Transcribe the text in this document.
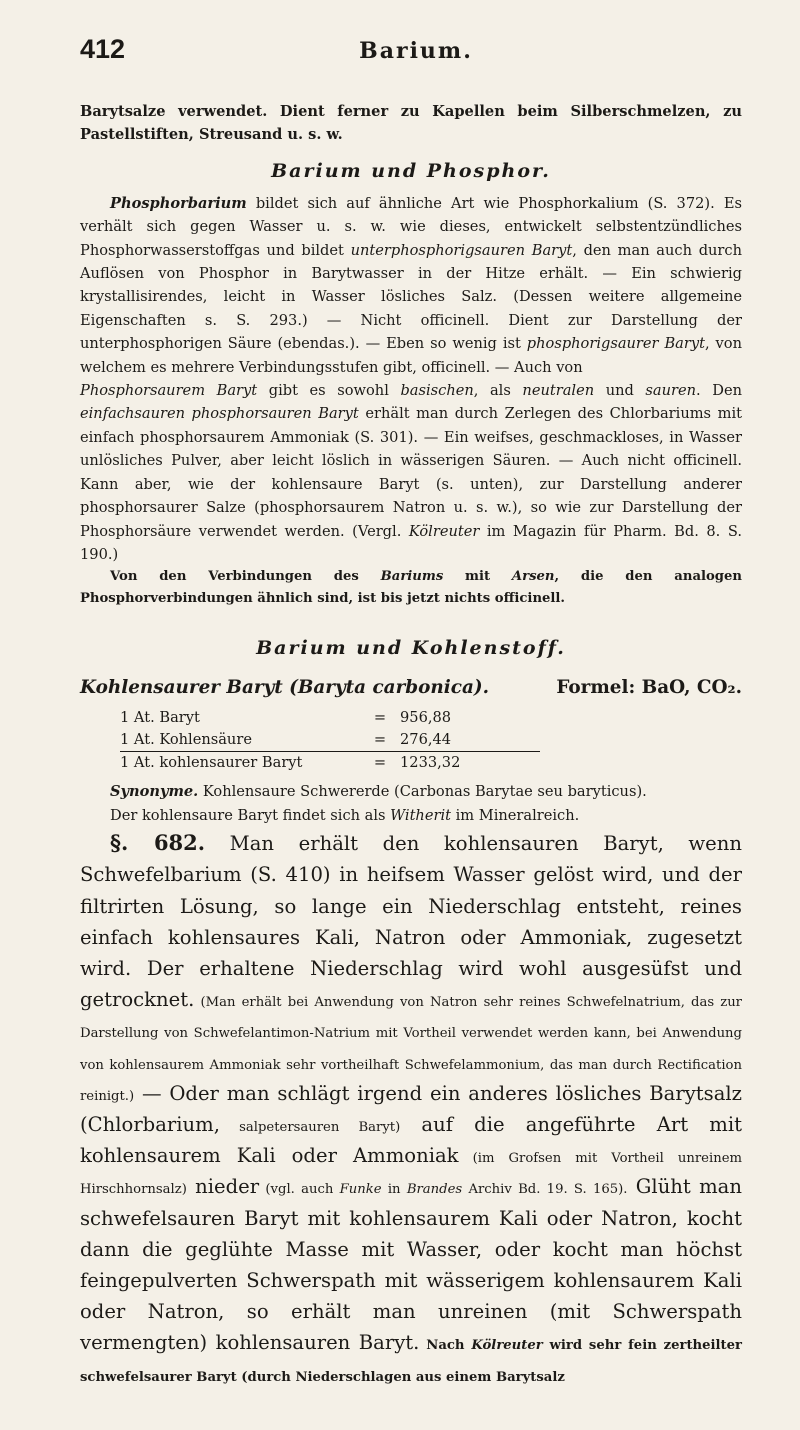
412	Barium.

Barytsalze verwendet. Dient ferner zu Kapellen beim Silberschmelzen, zu Pastellstiften, Streusand u. s. w.

Barium und Phosphor.

Phosphorbarium bildet sich auf ähnliche Art wie Phosphorkalium (S. 372). Es verhält sich gegen Wasser u. s. w. wie dieses, entwickelt selbstentzündliches Phosphorwasserstoffgas und bildet unterphosphorigsauren Baryt, den man auch durch Auflösen von Phosphor in Barytwasser in der Hitze erhält. — Ein schwierig krystallisirendes, leicht in Wasser lösliches Salz. (Dessen weitere allgemeine Eigenschaften s. S. 293.) — Nicht officinell. Dient zur Darstellung der unterphosphorigen Säure (ebendas.). — Eben so wenig ist phosphorigsaurer Baryt, von welchem es mehrere Verbindungsstufen gibt, officinell. — Auch von
Phosphorsaurem Baryt gibt es sowohl basischen, als neutralen und sauren. Den einfachsauren phosphorsauren Baryt erhält man durch Zerlegen des Chlorbariums mit einfach phosphorsaurem Ammoniak (S. 301). — Ein weifses, geschmackloses, in Wasser unlösliches Pulver, aber leicht löslich in wässerigen Säuren. — Auch nicht officinell. Kann aber, wie der kohlensaure Baryt (s. unten), zur Darstellung anderer phosphorsaurer Salze (phosphorsaurem Natron u. s. w.), so wie zur Darstellung der Phosphorsäure verwendet werden. (Vergl. Kölreuter im Magazin für Pharm. Bd. 8. S. 190.)

Von den Verbindungen des Bariums mit Arsen, die den analogen Phosphorverbindungen ähnlich sind, ist bis jetzt nichts officinell.

Barium und Kohlenstoff.
Kohlensaurer Baryt (Baryta carbonica).	Formel: BaO, CO₂.
1 At. Baryt	= 956,88
1 At. Kohlensäure	= 276,44
1 At. kohlensaurer Baryt	= 1233,32

Synonyme. Kohlensaure Schwererde (Carbonas Barytae seu baryticus).

Der kohlensaure Baryt findet sich als Witherit im Mineralreich.

§. 682. Man erhält den kohlensauren Baryt, wenn Schwefelbarium (S. 410) in heifsem Wasser gelöst wird, und der filtrirten Lösung, so lange ein Niederschlag entsteht, reines einfach kohlensaures Kali, Natron oder Ammoniak, zugesetzt wird. Der erhaltene Niederschlag wird wohl ausgesüfst und getrocknet. (Man erhält bei Anwendung von Natron sehr reines Schwefelnatrium, das zur Darstellung von Schwefelantimon-Natrium mit Vortheil verwendet werden kann, bei Anwendung von kohlensaurem Ammoniak sehr vortheilhaft Schwefelammonium, das man durch Rectification reinigt.) — Oder man schlägt irgend ein anderes lösliches Barytsalz (Chlorbarium, salpetersauren Baryt) auf die angeführte Art mit kohlensaurem Kali oder Ammoniak (im Grofsen mit Vortheil unreinem Hirschhornsalz) nieder (vgl. auch Funke in Brandes Archiv Bd. 19. S. 165). Glüht man schwefelsauren Baryt mit kohlensaurem Kali oder Natron, kocht dann die geglühte Masse mit Wasser, oder kocht man höchst feingepulverten Schwerspath mit wässerigem kohlensaurem Kali oder Natron, so erhält man unreinen (mit Schwerspath vermengten) kohlensauren Baryt. Nach Kölreuter wird sehr fein zertheilter schwefelsaurer Baryt (durch Niederschlagen aus einem Barytsalz
